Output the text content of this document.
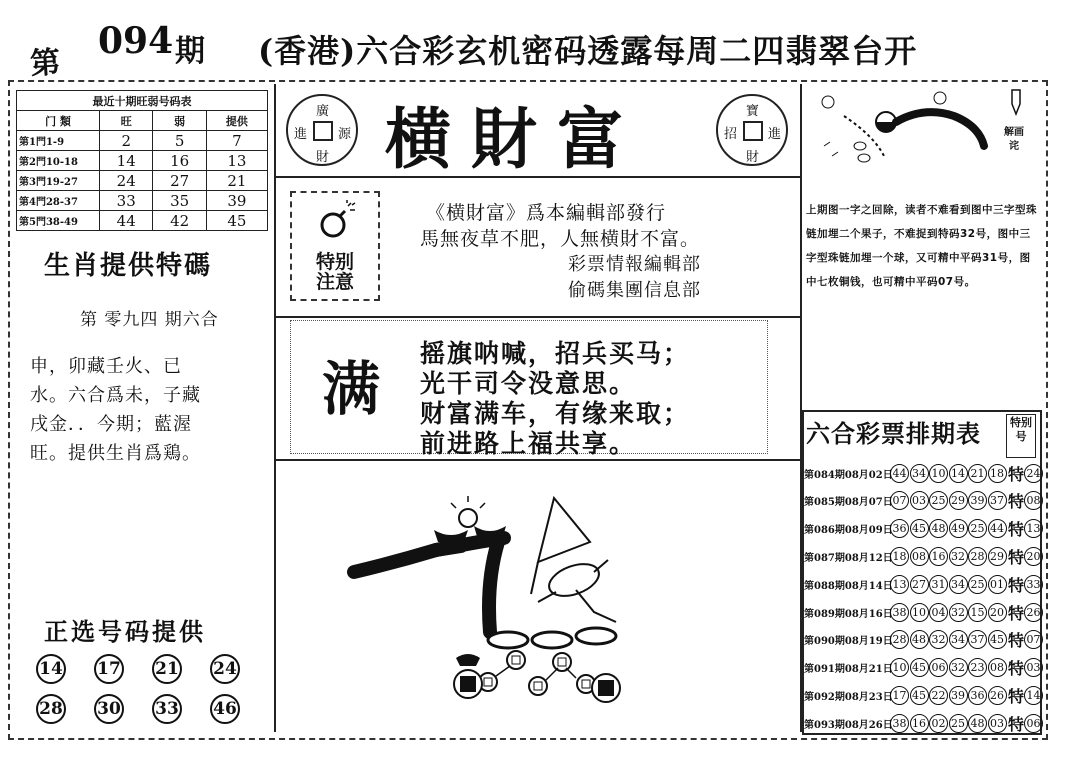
第
094 期 (香港)六合彩玄机密码透露每周二四翡翠台开
最近十期旺弱号码表			
门 類	旺	弱	提供
第1門1-9	2	5	7
第2門10-18	14	16	13
第3門19-27	24	27	21
第4門28-37	33	35	39
第5門38-49	44	42	45
生肖提供特碼
第 零九四 期六合
申，卯藏壬火、已
水。六合爲未，子藏
戌金．．今期；藍渥
旺。提供生肖爲鶏。
正选号码提供
14 17 21 24
28 30 33 46
廣
進 源
財 横財富	寶
招 進
財
特别
注意
《横財富》爲本編輯部發行
馬無夜草不肥，人無横財不富。
彩票情報編輯部
偷碼集團信息部
满
摇旗呐喊，招兵买马；
光干司令没意思。
财富满车，有缘来取；
前进路上福共享。
解画诧
上期图一字之回除，读者不难看到图中三字型珠链加埋二个果子，不难捉到特码32号，图中三字型珠链加埋一个球，又可精中平码31号，图中七枚铜钱，也可精中平码07号。
六合彩票排期表	特别号
第084期08月02日 44 34 10 14 21 18 特 24
第085期08月07日 07 03 25 29 39 37 特 08
第086期08月09日 36 45 48 49 25 44 特 13
第087期08月12日 18 08 16 32 28 29 特 20
第088期08月14日 13 27 31 34 25 01 特 33
第089期08月16日 38 10 04 32 15 20 特 26
第090期08月19日 28 48 32 34 37 45 特 07
第091期08月21日 10 45 06 32 23 08 特 03
第092期08月23日 17 45 22 39 36 26 特 14
第093期08月26日 38 16 02 25 48 03 特 06
